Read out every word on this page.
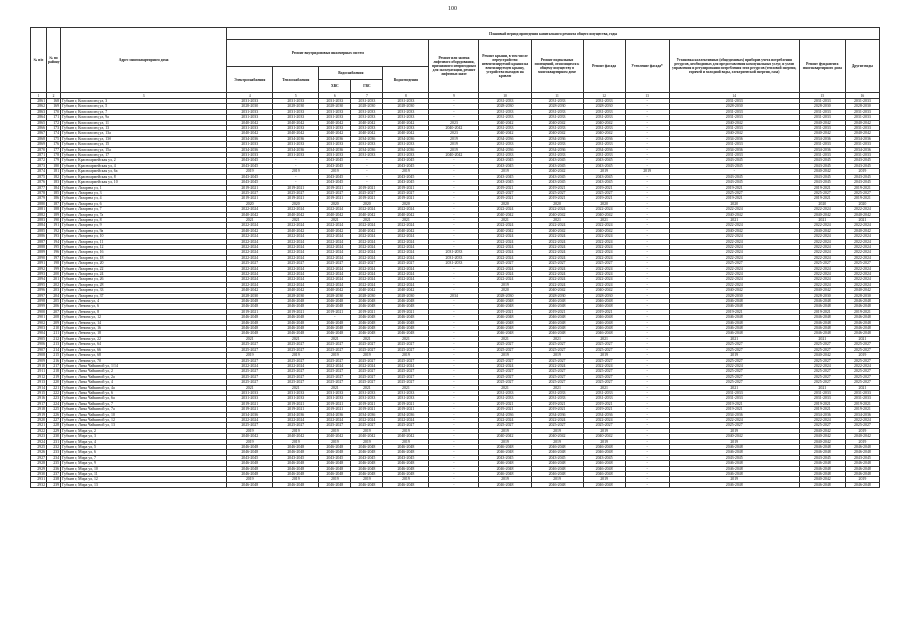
100
№ п/п	№ по району	Адрес многоквартирного дома	Плановый период проведения капитального ремонта общего имущества, годы												
			Ремонт внутридомовых инженерных систем					Ремонт или замена лифтового оборудования, признанного непригодным для эксплуатации, ремонт лифтовых шахт	Ремонт крыши, в том числе переустройство невентилируемой крыши на вентилируемую крышу, устройство выходов на кровлю	Ремонт подвальных помещений, относящихся к общему имуществу в многоквартирном доме	Ремонт фасада	Утепление фасада*	Установка коллективных (общедомовых) приборов учета потребления ресурсов, необходимых для предоставления коммунальных услуг, и узлов управления и регулирования потребления этих ресурсов (тепловой энергии, горячей и холодной воды, электрической энергии, газа)	Ремонт фундамента многоквартирного дома	Другие виды
			Электроснабжения	Теплоснабжения	Водоснабжения		Водоотведения								
					ХВС	ГВС									
1	2	3	4	5	6	7	8	9	10	11	12	13	14	15	16
2861	168	Губкин г, Комсомолец ул, 3	2031-2033	2031-2033	2031-2033	2031-2033	2031-2033	-	2031-2033	2031-2033	2031-2033	-	2031-2033	2031-2033	2031-2033
2862	169	Губкин г, Комсомолец ул, 5	2028-2030	2028-2030	2028-2030	2028-2030	2028-2030	-	2028-2030	2028-2030	2028-2030	-	2028-2030	2028-2030	2028-2030
2863	170	Губкин г, Комсомолец ул, 7	2031-2033	2031-2033	2031-2033	2031-2033	2031-2033	-	2031-2033	2031-2033	2031-2033	-	2031-2033	2031-2033	2031-2033
2864	171	Губкин г, Комсомолец ул, 9а	2031-2033	2031-2033	2031-2033	2031-2033	2031-2033	-	2031-2033	2031-2033	2031-2033	-	2031-2033	2031-2033	2031-2033
2865	172	Губкин г, Комсомолец ул, 11	2040-2042	2040-2042	2040-2042	2040-2042	2040-2042	2023	2040-2042	2040-2042	2040-2042	-	2040-2042	2040-2042	2040-2042
2866	173	Губкин г, Комсомолец ул, 13	2031-2033	2031-2033	2031-2033	2031-2033	2031-2033	2040-2042	2031-2033	2031-2033	2031-2033	-	2031-2033	2031-2033	2031-2033
2867	174	Губкин г, Комсомолец ул, 13а	2040-2042	2040-2042	2040-2042	2040-2042	2040-2042	2023	2040-2042	2040-2042	2040-2042	-	2040-2042	2040-2042	2040-2042
2868	175	Губкин г, Комсомолец ул, 13б	2034-2036	2034-2036	2034-2036	2034-2036	2034-2036	2019	2034-2036	2034-2036	2034-2036	-	2034-2036	2034-2036	2034-2036
2869	176	Губкин г, Комсомолец ул, 15	2031-2033	2031-2033	2031-2033	2031-2033	2031-2033	2019	2031-2033	2031-2033	2031-2033	-	2031-2033	2031-2033	2031-2033
2870	177	Губкин г, Комсомолец ул, 15а	2034-2036	2034-2036	2034-2036	2034-2036	2034-2036	2019	2034-2036	2034-2036	2034-2036	-	2034-2036	2034-2036	2034-2036
2871	178	Губкин г, Комсомолец ул, 17	2031-2033	2031-2033	2031-2033	2031-2033	2031-2033	2040-2042	2031-2033	2031-2033	2031-2033	-	2031-2033	2031-2033	2031-2033
2872	179	Губкин г, Красноармейская ул, 2	2043-2045	-	2043-2045	-	2043-2045	-	2043-2045	2043-2045	2043-2045	-	2043-2045	2043-2045	2043-2045
2873	180	Губкин г, Красноармейская ул, 4	2043-2045	-	2043-2045	-	2043-2045	-	2043-2045	2043-2045	2043-2045	-	2043-2045	2043-2045	2043-2045
2874	181	Губкин г, Красноармейская ул, 6а	2019	2019	2019	-	2019	-	2019	2040-2042	2019	2019	-	2040-2042	2019
2875	182	Губкин г, Красноармейская ул, 8	2043-2045	-	2043-2045	-	2043-2045	-	2043-2045	2043-2045	2043-2045	-	2043-2045	2043-2045	2043-2045
2876	183	Губкин г, Красноармейская ул, 10	2043-2045	-	2043-2045	-	2043-2045	-	2043-2045	2043-2045	2043-2045	-	2043-2045	2043-2045	2043-2045
2877	184	Губкин г, Лазарева ул, 1	2019-2021	2019-2021	2019-2021	2019-2021	2019-2021	-	2019-2021	2019-2021	2019-2021	-	2019-2021	2019-2021	2019-2021
2878	185	Губкин г, Лазарева ул, 3	2025-2027	2025-2027	2025-2027	2025-2027	2025-2027	-	2025-2027	2025-2027	2025-2027	-	2025-2027	2025-2027	2025-2027
2879	186	Губкин г, Лазарева ул, 4	2019-2021	2019-2021	2019-2021	2019-2021	2019-2021	-	2019-2021	2019-2021	2019-2021	-	2019-2021	2019-2021	2019-2021
2880	187	Губкин г, Лазарева ул, 6	2020	2020	2020	2020	2020	-	2020	2020	2020	-	2020	2020	2020
2881	188	Губкин г, Лазарева ул, 7	2022-2024	2022-2024	2022-2024	2022-2024	2022-2024	-	2022-2024	2022-2024	2022-2024	-	2022-2024	2022-2024	2022-2024
2882	189	Губкин г, Лазарева ул, 7а	2040-2042	2040-2042	2040-2042	2040-2042	2040-2042	-	2040-2042	2040-2042	2040-2042	-	2040-2042	2040-2042	2040-2042
2883	190	Губкин г, Лазарева ул, 8	2021	2021	2021	2021	2021	-	2021	2021	2021	-	2021	2021	2021
2884	191	Губкин г, Лазарева ул, 9	2022-2024	2022-2024	2022-2024	2022-2024	2022-2024	-	2022-2024	2022-2024	2022-2024	-	2022-2024	2022-2024	2022-2024
2885	192	Губкин г, Лазарева ул, 9а	2040-2042	2040-2042	2040-2042	2040-2042	2040-2042	-	2040-2042	2040-2042	2040-2042	-	2040-2042	2040-2042	2040-2042
2886	193	Губкин г, Лазарева ул, 10	2022-2024	2022-2024	2022-2024	2022-2024	2022-2024	-	2022-2024	2022-2024	2022-2024	-	2022-2024	2022-2024	2022-2024
2887	194	Губкин г, Лазарева ул, 11	2022-2024	2022-2024	2022-2024	2022-2024	2022-2024	-	2022-2024	2022-2024	2022-2024	-	2022-2024	2022-2024	2022-2024
2888	195	Губкин г, Лазарева ул, 12	2022-2024	2022-2024	2022-2024	2022-2024	2022-2024	-	2022-2024	2022-2024	2022-2024	-	2022-2024	2022-2024	2022-2024
2889	196	Губкин г, Лазарева ул, 16	2022-2024	2022-2024	2022-2024	2022-2024	2022-2024	2031-2033	2022-2024	2022-2024	2022-2024	-	2022-2024	2022-2024	2022-2024
2890	197	Губкин г, Лазарева ул, 18	2022-2024	2022-2024	2022-2024	2022-2024	2022-2024	2031-2033	2022-2024	2022-2024	2022-2024	-	2022-2024	2022-2024	2022-2024
2891	198	Губкин г, Лазарева ул, 20	2025-2027	2025-2027	2025-2027	2025-2027	2025-2027	2031-2033	2025-2027	2025-2027	2025-2027	-	2025-2027	2025-2027	2025-2027
2892	199	Губкин г, Лазарева ул, 22	2022-2024	2022-2024	2022-2024	2022-2024	2022-2024	-	2022-2024	2022-2024	2022-2024	-	2022-2024	2022-2024	2022-2024
2893	200	Губкин г, Лазарева ул, 24	2022-2024	2022-2024	2022-2024	2022-2024	2022-2024	-	2022-2024	2022-2024	2022-2024	-	2022-2024	2022-2024	2022-2024
2894	201	Губкин г, Лазарева ул, 26	2022-2024	2022-2024	2022-2024	2022-2024	2022-2024	-	2022-2024	2022-2024	2022-2024	-	2022-2024	2022-2024	2022-2024
2895	202	Губкин г, Лазарева ул, 28	2022-2024	2022-2024	2022-2024	2022-2024	2022-2024	-	2019	2022-2024	2022-2024	-	2022-2024	2022-2024	2022-2024
2896	203	Губкин г, Лазарева ул, 33	2040-2042	2040-2042	2040-2042	2040-2042	2040-2042	-	2020	2040-2042	2040-2042	-	2040-2042	2040-2042	2040-2042
2897	204	Губкин г, Лазарева ул, 37	2028-2030	2028-2030	2028-2030	2028-2030	2028-2030	2034	2028-2030	2028-2030	2028-2030	-	2028-2030	2028-2030	2028-2030
2898	205	Губкин г, Ленина ул, 4	2046-2048	2046-2048	2046-2048	2046-2048	2046-2048	-	2046-2048	2046-2048	2046-2048	-	2046-2048	2046-2048	2046-2048
2899	206	Губкин г, Ленина ул, 6	2046-2048	2046-2048	2046-2048	2046-2048	2046-2048	-	2046-2048	2046-2048	2046-2048	-	2046-2048	2046-2048	2046-2048
2900	207	Губкин г, Ленина ул, 8	2019-2021	2019-2021	2019-2021	2019-2021	2019-2021	-	2019-2021	2019-2021	2019-2021	-	2019-2021	2019-2021	2019-2021
2901	208	Губкин г, Ленина ул, 12	2046-2048	2046-2048	-	2046-2048	2046-2048	-	2046-2048	2046-2048	2046-2048	-	2046-2048	2046-2048	2046-2048
2902	209	Губкин г, Ленина ул, 14	2046-2048	2046-2048	2046-2048	2046-2048	2046-2048	-	2046-2048	2046-2048	2046-2048	-	2046-2048	2046-2048	2046-2048
2903	210	Губкин г, Ленина ул, 16	2046-2048	2046-2048	2046-2048	2046-2048	2046-2048	-	2046-2048	2046-2048	2046-2048	-	2046-2048	2046-2048	2046-2048
2904	211	Губкин г, Ленина ул, 18	2046-2048	2046-2048	2046-2048	2046-2048	2046-2048	-	2046-2048	2046-2048	2046-2048	-	2046-2048	2046-2048	2046-2048
2905	212	Губкин г, Ленина ул, 22	2021	2021	2021	2021	2021	-	2021	2021	2021	-	2021	2021	2021
2906	213	Губкин г, Ленина ул, 64	2025-2027	2025-2027	2025-2027	2025-2027	2025-2027	-	2025-2027	2025-2027	2025-2027	-	2025-2027	2025-2027	2025-2027
2907	214	Губкин г, Ленина ул, 66	2025-2027	2025-2027	2025-2027	2025-2027	2025-2027	-	2025-2027	2025-2027	2025-2027	-	2025-2027	2025-2027	2025-2027
2908	215	Губкин г, Ленина ул, 68	2019	2019	2019	2019	2019	-	2019	2019	2019	-	2019	2040-2042	2019
2909	216	Губкин г, Ленина ул, 70	2025-2027	2025-2027	2025-2027	2025-2027	2025-2027	-	2025-2027	2025-2027	2025-2027	-	2025-2027	2025-2027	2025-2027
2910	217	Губкин г, Лизы Чайкиной ул, 1/14	2022-2024	2022-2024	2022-2024	2022-2024	2022-2024	-	2022-2024	2022-2024	2022-2024	-	2022-2024	2022-2024	2022-2024
2911	218	Губкин г, Лизы Чайкиной ул, 2	2025-2027	2025-2027	2025-2027	2025-2027	2025-2027	-	2025-2027	2025-2027	2025-2027	-	2025-2027	2025-2027	2025-2027
2912	219	Губкин г, Лизы Чайкиной ул, 2а	2025-2027	2025-2027	2025-2027	2025-2027	2025-2027	-	2025-2027	2025-2027	2025-2027	-	2025-2027	2025-2027	2025-2027
2913	220	Губкин г, Лизы Чайкиной ул, 4	2025-2027	2025-2027	2025-2027	2025-2027	2025-2027	-	2025-2027	2025-2027	2025-2027	-	2025-2027	2025-2027	2025-2027
2914	221	Губкин г, Лизы Чайкиной ул, 4а	2021	2021	2021	2021	2021	-	2021	2021	2021	-	2021	2021	2021
2915	222	Губкин г, Лизы Чайкиной ул, 6	2031-2033	2031-2033	2031-2033	2031-2033	2031-2033	-	2031-2033	2031-2033	2031-2033	-	2031-2033	2031-2033	2031-2033
2916	223	Губкин г, Лизы Чайкиной ул, 6а	2031-2033	2031-2033	2031-2033	2031-2033	2031-2033	-	2031-2033	2031-2033	2031-2033	-	2031-2033	2031-2033	2031-2033
2917	224	Губкин г, Лизы Чайкиной ул, 7	2019-2021	2019-2021	2019-2021	2019-2021	2019-2021	-	2019-2021	2019-2021	2019-2021	-	2019-2021	2019-2021	2019-2021
2918	225	Губкин г, Лизы Чайкиной ул, 7а	2019-2021	2019-2021	2019-2021	2019-2021	2019-2021	-	2019-2021	2019-2021	2019-2021	-	2019-2021	2019-2021	2019-2021
2919	226	Губкин г, Лизы Чайкиной ул, 10	2034-2036	2034-2036	2034-2036	2034-2036	2034-2036	-	2034-2036	2034-2036	2034-2036	-	2034-2036	2034-2036	2034-2036
2920	227	Губкин г, Лизы Чайкиной ул, 12	2022-2024	2022-2024	2022-2024	2022-2024	2022-2024	-	2022-2024	2022-2024	2022-2024	-	2022-2024	2022-2024	2022-2024
2921	228	Губкин г, Лизы Чайкиной ул, 13	2025-2027	2025-2027	2025-2027	2025-2027	2025-2027	-	2025-2027	2025-2027	2025-2027	-	2025-2027	2025-2027	2025-2027
2922	229	Губкин г, Мира ул, 2	2019	2019	2019	2019	2019	-	2019	2019	2019	-	2019	2040-2042	2019
2923	230	Губкин г, Мира ул, 3	2040-2042	2040-2042	2040-2042	2040-2042	2040-2042	-	2040-2042	2040-2042	2040-2042	-	2040-2042	2040-2042	2040-2042
2924	231	Губкин г, Мира ул, 4	2019	2019	2019	2019	2019	-	2019	2019	2019	-	2019	2040-2042	2019
2925	232	Губкин г, Мира ул, 5	2046-2048	2046-2048	2046-2048	2046-2048	2046-2048	-	2046-2048	2046-2048	2046-2048	-	2046-2048	2046-2048	2046-2048
2926	233	Губкин г, Мира ул, 6	2046-2048	2046-2048	2046-2048	2046-2048	2046-2048	-	2046-2048	2046-2048	2046-2048	-	2046-2048	2046-2048	2046-2048
2927	234	Губкин г, Мира ул, 7	2043-2045	2043-2045	2043-2045	2043-2045	2043-2045	-	2043-2045	2043-2045	2043-2045	-	2043-2045	2043-2045	2043-2045
2928	235	Губкин г, Мира ул, 9	2046-2048	2046-2048	2046-2048	2046-2048	2046-2048	-	2046-2048	2046-2048	2046-2048	-	2046-2048	2046-2048	2046-2048
2929	236	Губкин г, Мира ул, 10	2046-2048	2046-2048	2046-2048	2046-2048	2046-2048	-	2046-2048	2046-2048	2046-2048	-	2046-2048	2046-2048	2046-2048
2930	237	Губкин г, Мира ул, 11	2046-2048	2046-2048	2046-2048	2046-2048	2046-2048	-	2046-2048	2046-2048	2046-2048	-	2046-2048	2046-2048	2046-2048
2931	238	Губкин г, Мира ул, 12	2019	2019	2019	2019	2019	-	2019	2019	2019	-	2019	2040-2042	2019
2932	239	Губкин г, Мира ул, 13	2046-2048	2046-2048	2046-2048	2046-2048	2046-2048	-	2046-2048	2046-2048	2046-2048	-	2046-2048	2046-2048	2046-2048
